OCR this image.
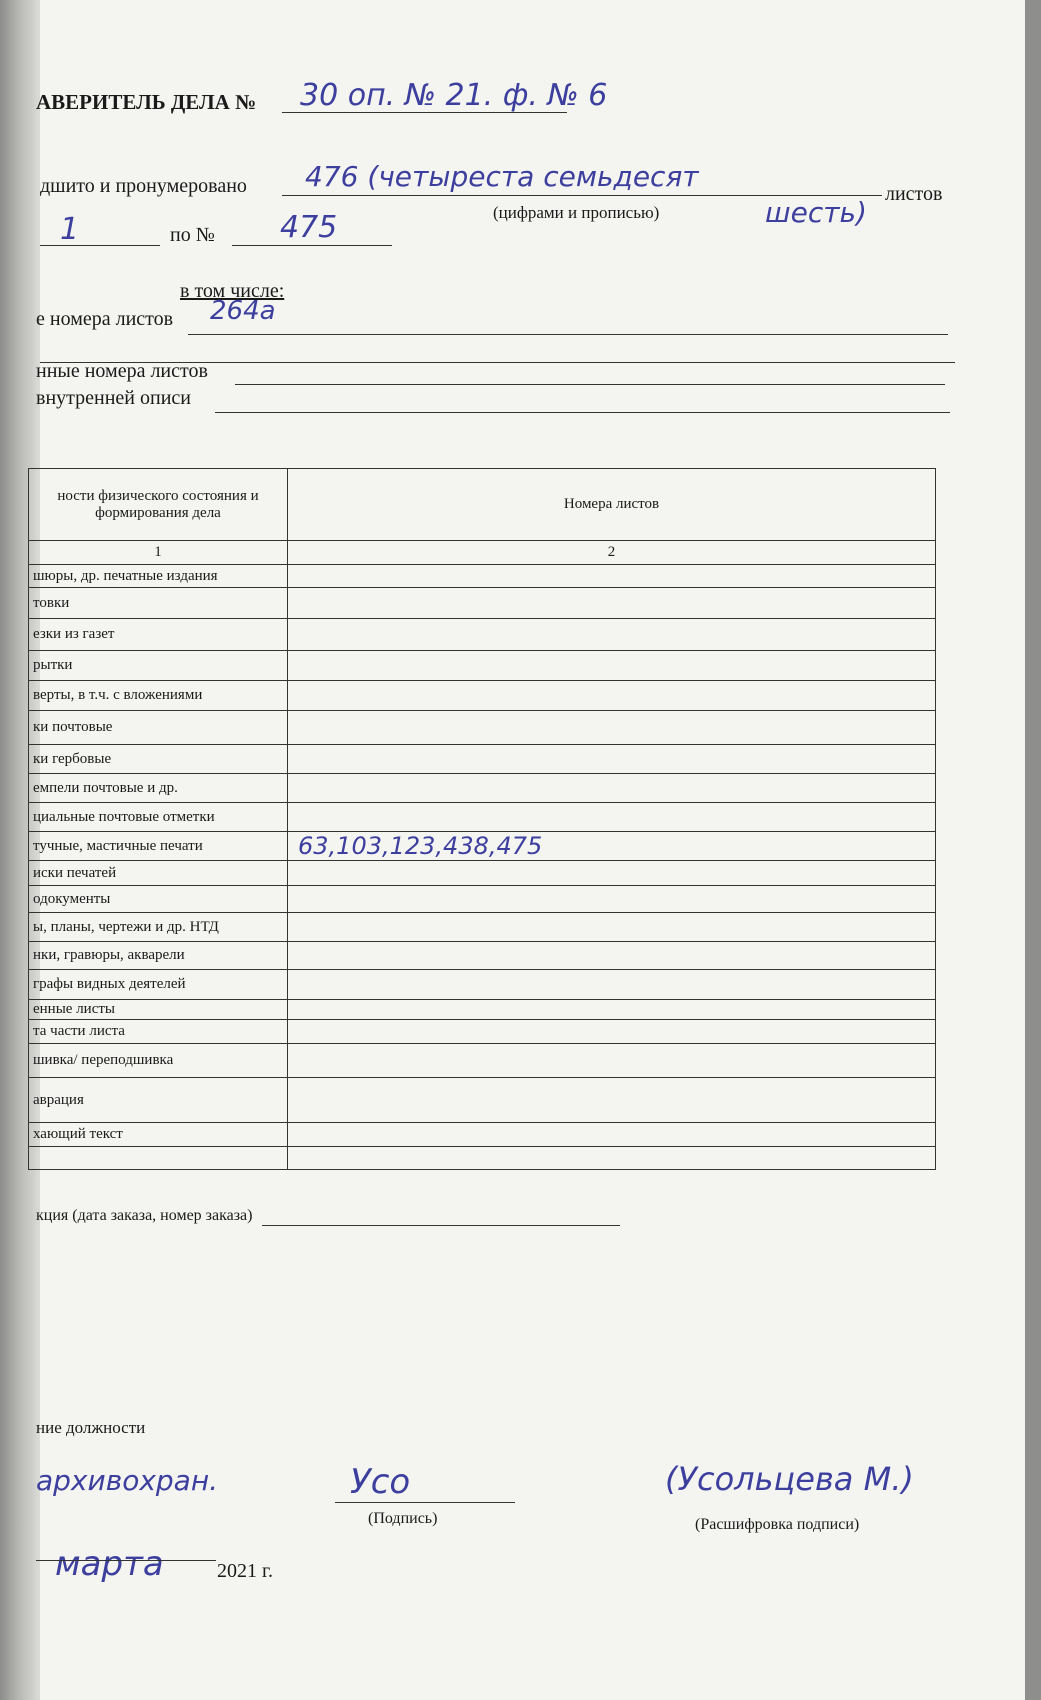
АВЕРИТЕЛЬ ДЕЛА № 30 оп. № 21. ф. № 6
дшито и пронумеровано 476 (четыреста семьдесят
листов
(цифрами и прописью)	шесть)
1	по № 475
в том числе:
е номера листов 264а
нные номера листов
внутренней описи
ности физического состояния и формирования дела	Номера листов
1	2
шюры, др. печатные издания	
товки	
езки из газет	
рытки	
верты, в т.ч. с вложениями	
ки почтовые	
ки гербовые	
емпели почтовые и др.	
циальные почтовые отметки	
тучные, мастичные печати	63,103,123,438,475
иски печатей	
одокументы	
ы, планы, чертежи и др. НТД	
нки, гравюры, акварели	
графы видных деятелей	
енные листы	
та части листа	
шивка/ переподшивка	
аврация	
хающий текст	

кция (дата заказа, номер заказа)
ние должности
архивохран.	Усо
(Подпись)
(Усольцева М.)
(Расшифровка подписи)
марта	2021 г.
